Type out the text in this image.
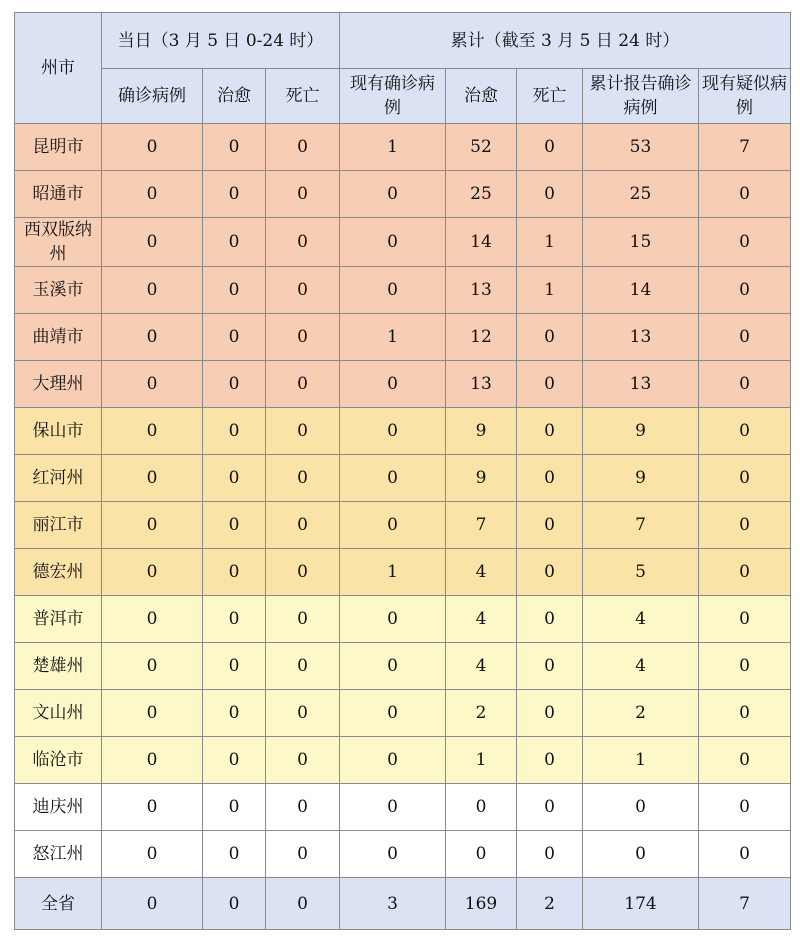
州市	当日（3 月 5 日 0-24 时）			累计（截至 3 月 5 日 24 时）				
	确诊病例	治愈	死亡	现有确诊病例	治愈	死亡	累计报告确诊病例	现有疑似病例
昆明市	0	0	0	1	52	0	53	7
昭通市	0	0	0	0	25	0	25	0
西双版纳州	0	0	0	0	14	1	15	0
玉溪市	0	0	0	0	13	1	14	0
曲靖市	0	0	0	1	12	0	13	0
大理州	0	0	0	0	13	0	13	0
保山市	0	0	0	0	9	0	9	0
红河州	0	0	0	0	9	0	9	0
丽江市	0	0	0	0	7	0	7	0
德宏州	0	0	0	1	4	0	5	0
普洱市	0	0	0	0	4	0	4	0
楚雄州	0	0	0	0	4	0	4	0
文山州	0	0	0	0	2	0	2	0
临沧市	0	0	0	0	1	0	1	0
迪庆州	0	0	0	0	0	0	0	0
怒江州	0	0	0	0	0	0	0	0
全省	0	0	0	3	169	2	174	7
